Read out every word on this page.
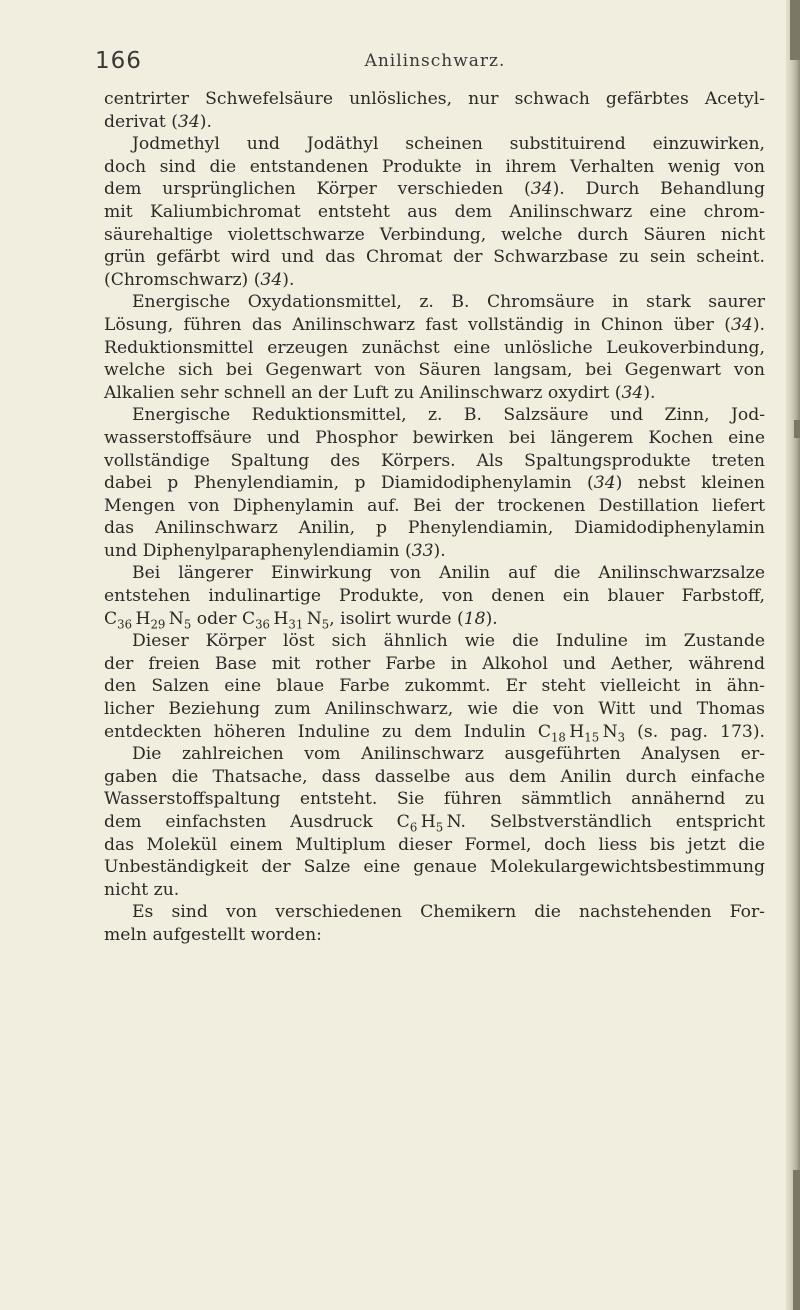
166	Anilinschwarz.
centrirter Schwefelsäure unlösliches, nur schwach gefärbtes Acetyl-
derivat (34).
Jodmethyl und Jodäthyl scheinen substituirend einzuwirken,
doch sind die entstandenen Produkte in ihrem Verhalten wenig von
dem ursprünglichen Körper verschieden (34). Durch Behandlung
mit Kaliumbichromat entsteht aus dem Anilinschwarz eine chrom-
säurehaltige violettschwarze Verbindung, welche durch Säuren nicht
grün gefärbt wird und das Chromat der Schwarzbase zu sein scheint.
(Chromschwarz) (34).
Energische Oxydationsmittel, z. B. Chromsäure in stark saurer
Lösung, führen das Anilinschwarz fast vollständig in Chinon über (34).
Reduktionsmittel erzeugen zunächst eine unlösliche Leukoverbindung,
welche sich bei Gegenwart von Säuren langsam, bei Gegenwart von
Alkalien sehr schnell an der Luft zu Anilinschwarz oxydirt (34).
Energische Reduktionsmittel, z. B. Salzsäure und Zinn, Jod-
wasserstoffsäure und Phosphor bewirken bei längerem Kochen eine
vollständige Spaltung des Körpers. Als Spaltungsprodukte treten
dabei p Phenylendiamin, p Diamidodiphenylamin (34) nebst kleinen
Mengen von Diphenylamin auf. Bei der trockenen Destillation liefert
das Anilinschwarz Anilin, p Phenylendiamin, Diamidodiphenylamin
und Diphenylparaphenylendiamin (33).
Bei längerer Einwirkung von Anilin auf die Anilinschwarzsalze
entstehen indulinartige Produkte, von denen ein blauer Farbstoff,
$C_{36}$  $H_{29}$  $N_5$ oder $C_{36}$  $H_{31}$  $N_5$, isolirt wurde (18).
Dieser Körper löst sich ähnlich wie die Induline im Zustande
der freien Base mit rother Farbe in Alkohol und Aether, während
den Salzen eine blaue Farbe zukommt. Er steht vielleicht in ähn-
licher Beziehung zum Anilinschwarz, wie die von Witt und Thomas
entdeckten höheren Induline zu dem Indulin $C_{18}$  $H_{15}$  $N_3$ (s. pag. 173).
Die zahlreichen vom Anilinschwarz ausgeführten Analysen er-
gaben die Thatsache, dass dasselbe aus dem Anilin durch einfache
Wasserstoffspaltung entsteht. Sie führen sämmtlich annähernd zu
dem einfachsten Ausdruck $C_6$  $H_5$  N. Selbstverständlich entspricht
das Molekül einem Multiplum dieser Formel, doch liess bis jetzt die
Unbeständigkeit der Salze eine genaue Molekulargewichtsbestimmung
nicht zu.
Es sind von verschiedenen Chemikern die nachstehenden For-
meln aufgestellt worden:
